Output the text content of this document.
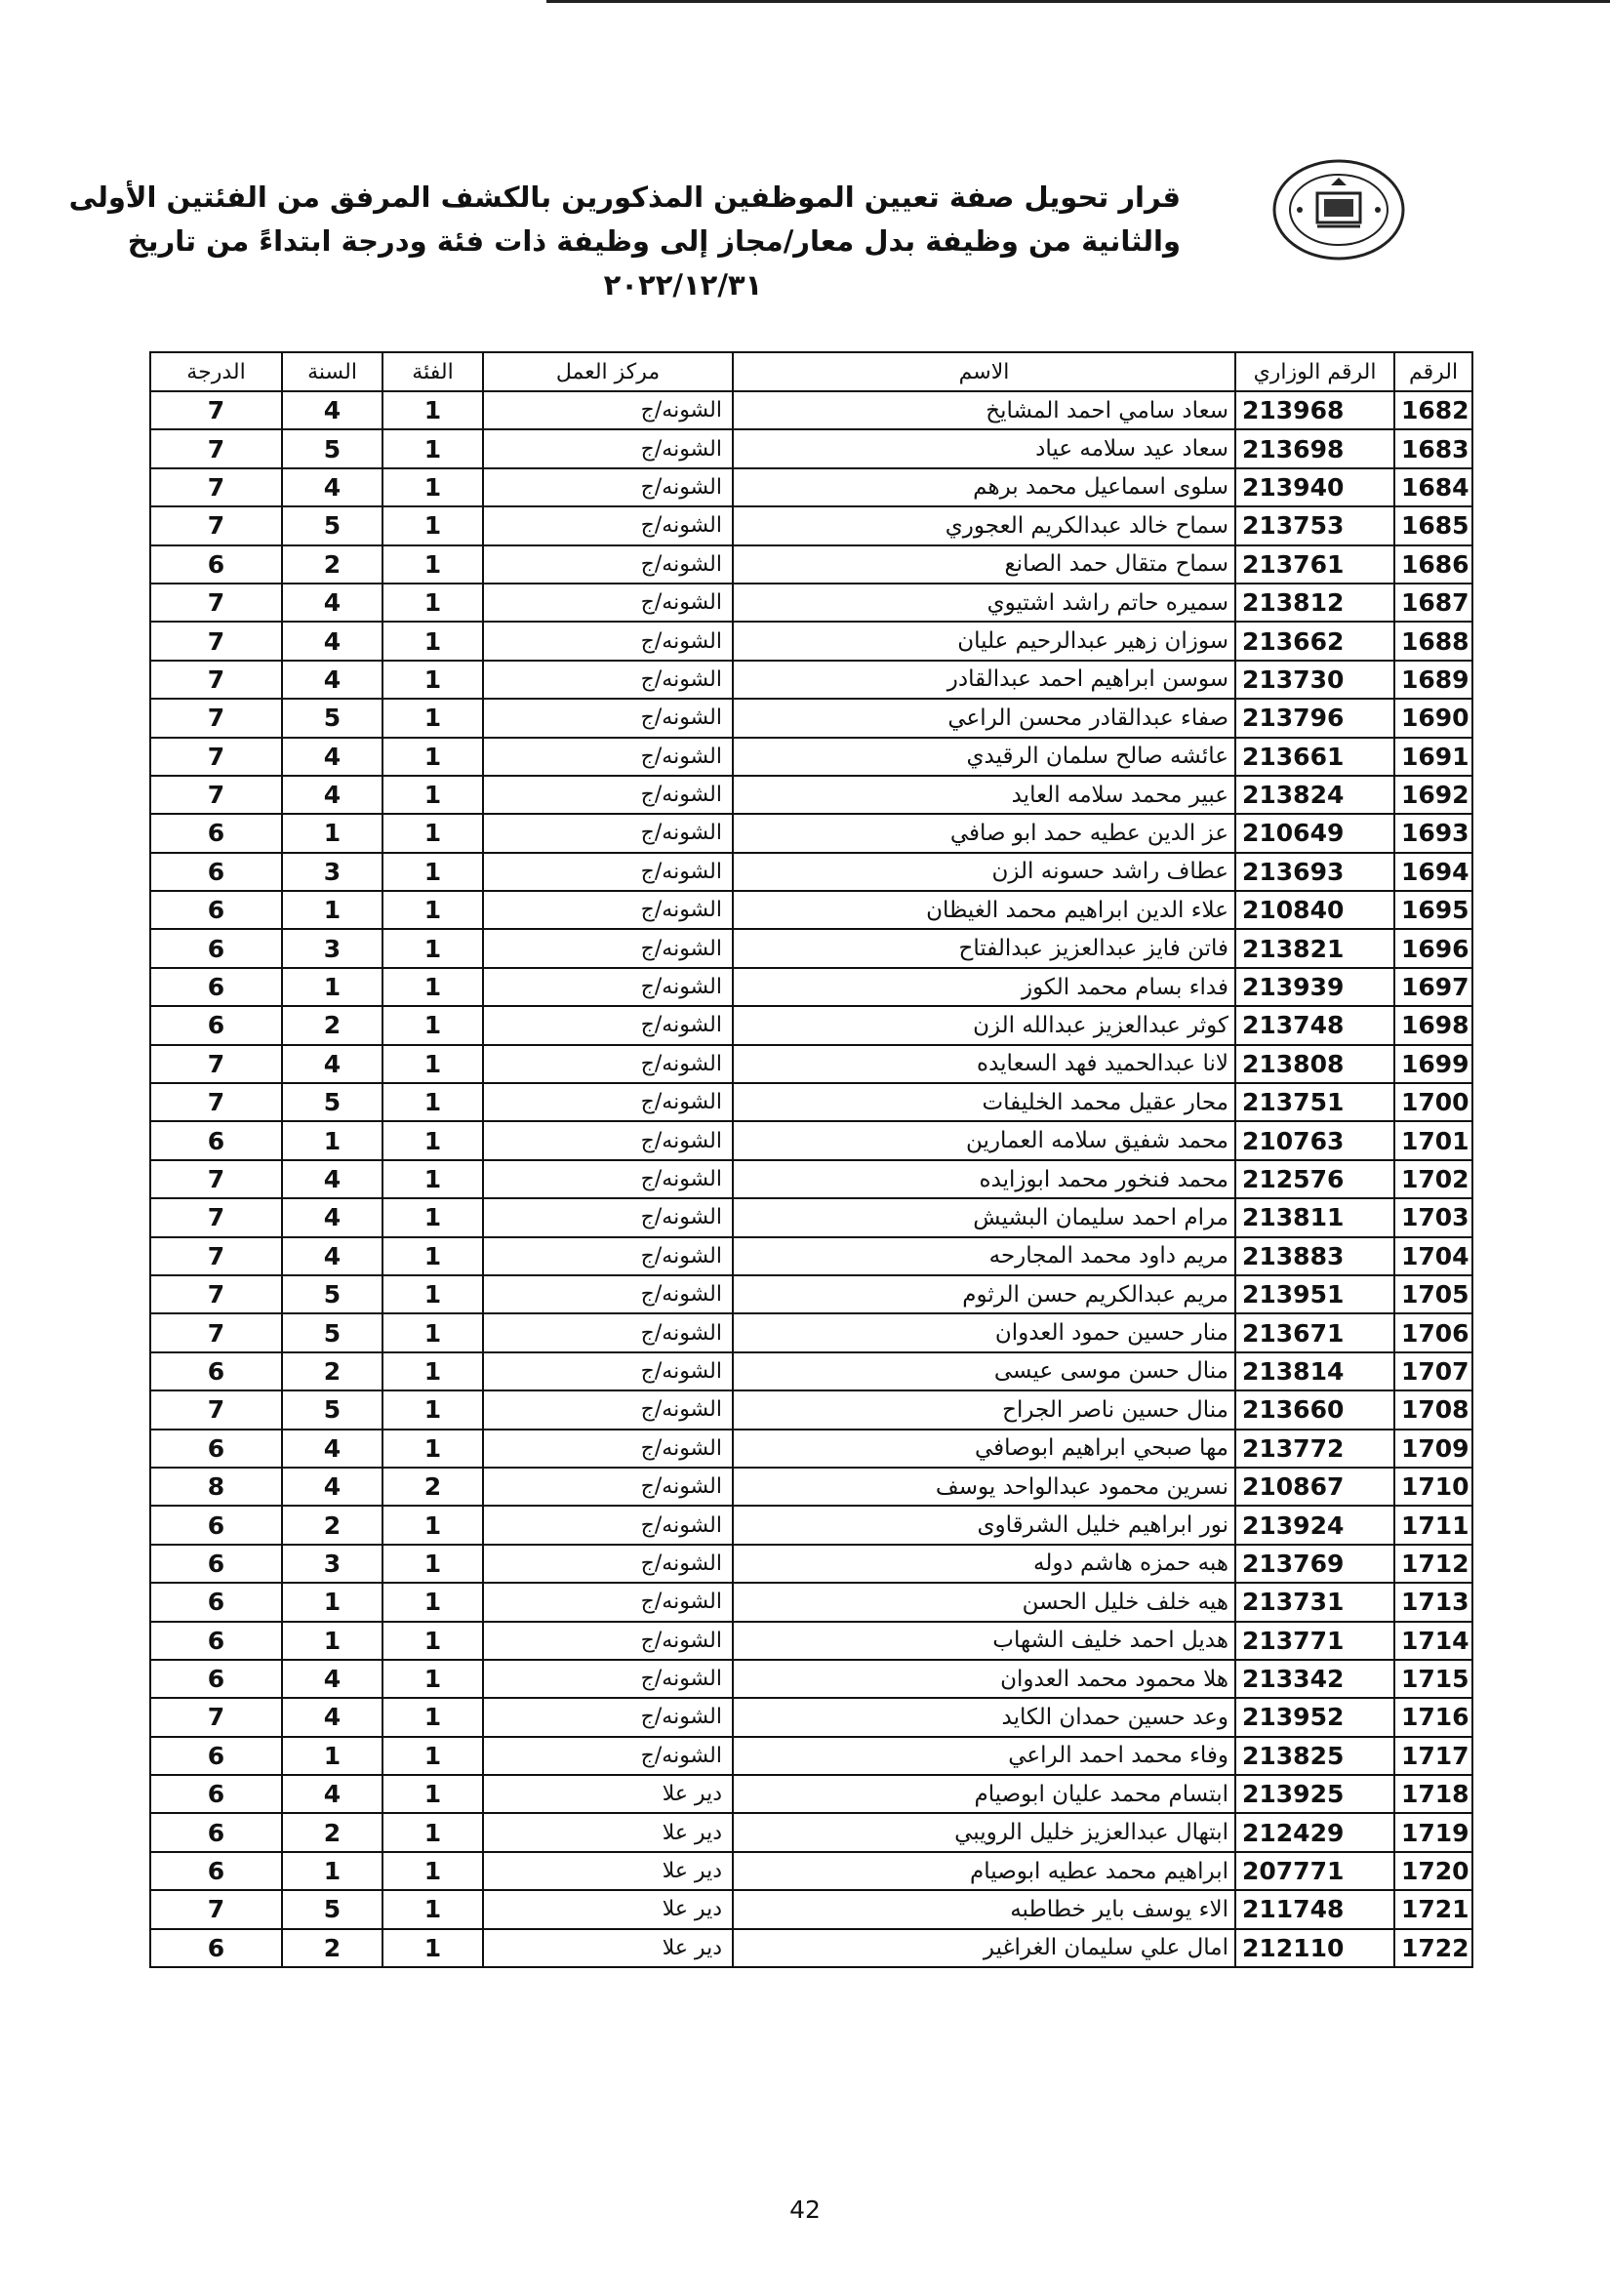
قرار تحويل صفة تعيين الموظفين المذكورين بالكشف المرفق من الفئتين الأولى
والثانية من وظيفة بدل معار/مجاز إلى وظيفة ذات فئة ودرجة ابتداءً من تاريخ
٢٠٢٢/١٢/٣١
الرقم	الرقم الوزاري	الاسم	مركز العمل	الفئة	السنة	الدرجة
1682	213968	سعاد سامي احمد المشايخ	الشونه/ج	1	4	7
1683	213698	سعاد عيد سلامه عياد	الشونه/ج	1	5	7
1684	213940	سلوى اسماعيل محمد برهم	الشونه/ج	1	4	7
1685	213753	سماح خالد عبدالكريم العجوري	الشونه/ج	1	5	7
1686	213761	سماح متقال حمد الصانع	الشونه/ج	1	2	6
1687	213812	سميره حاتم راشد اشتيوي	الشونه/ج	1	4	7
1688	213662	سوزان زهير عبدالرحيم عليان	الشونه/ج	1	4	7
1689	213730	سوسن ابراهيم احمد عبدالقادر	الشونه/ج	1	4	7
1690	213796	صفاء عبدالقادر محسن الراعي	الشونه/ج	1	5	7
1691	213661	عائشه صالح سلمان الرقيدي	الشونه/ج	1	4	7
1692	213824	عبير محمد سلامه العايد	الشونه/ج	1	4	7
1693	210649	عز الدين عطيه حمد ابو صافي	الشونه/ج	1	1	6
1694	213693	عطاف راشد حسونه الزن	الشونه/ج	1	3	6
1695	210840	علاء الدين ابراهيم محمد الغيظان	الشونه/ج	1	1	6
1696	213821	فاتن فايز عبدالعزيز عبدالفتاح	الشونه/ج	1	3	6
1697	213939	فداء بسام محمد الكوز	الشونه/ج	1	1	6
1698	213748	كوثر عبدالعزيز عبدالله الزن	الشونه/ج	1	2	6
1699	213808	لانا عبدالحميد فهد السعايده	الشونه/ج	1	4	7
1700	213751	محار عقيل محمد الخليفات	الشونه/ج	1	5	7
1701	210763	محمد شفيق سلامه العمارين	الشونه/ج	1	1	6
1702	212576	محمد فنخور محمد ابوزايده	الشونه/ج	1	4	7
1703	213811	مرام احمد سليمان البشيش	الشونه/ج	1	4	7
1704	213883	مريم داود محمد المجارحه	الشونه/ج	1	4	7
1705	213951	مريم عبدالكريم حسن الرثوم	الشونه/ج	1	5	7
1706	213671	منار حسين حمود العدوان	الشونه/ج	1	5	7
1707	213814	منال حسن موسى عيسى	الشونه/ج	1	2	6
1708	213660	منال حسين ناصر الجراح	الشونه/ج	1	5	7
1709	213772	مها صبحي ابراهيم ابوصافي	الشونه/ج	1	4	6
1710	210867	نسرين محمود عبدالواحد يوسف	الشونه/ج	2	4	8
1711	213924	نور ابراهيم خليل الشرقاوى	الشونه/ج	1	2	6
1712	213769	هبه حمزه هاشم دوله	الشونه/ج	1	3	6
1713	213731	هيه خلف خليل الحسن	الشونه/ج	1	1	6
1714	213771	هديل احمد خليف الشهاب	الشونه/ج	1	1	6
1715	213342	هلا محمود محمد العدوان	الشونه/ج	1	4	6
1716	213952	وعد حسين حمدان الكايد	الشونه/ج	1	4	7
1717	213825	وفاء محمد احمد الراعي	الشونه/ج	1	1	6
1718	213925	ابتسام محمد عليان ابوصيام	دير علا	1	4	6
1719	212429	ابتهال عبدالعزيز خليل الرويبي	دير علا	1	2	6
1720	207771	ابراهيم محمد عطيه ابوصيام	دير علا	1	1	6
1721	211748	الاء يوسف باير خطاطبه	دير علا	1	5	7
1722	212110	امال علي سليمان الغراغير	دير علا	1	2	6
42
